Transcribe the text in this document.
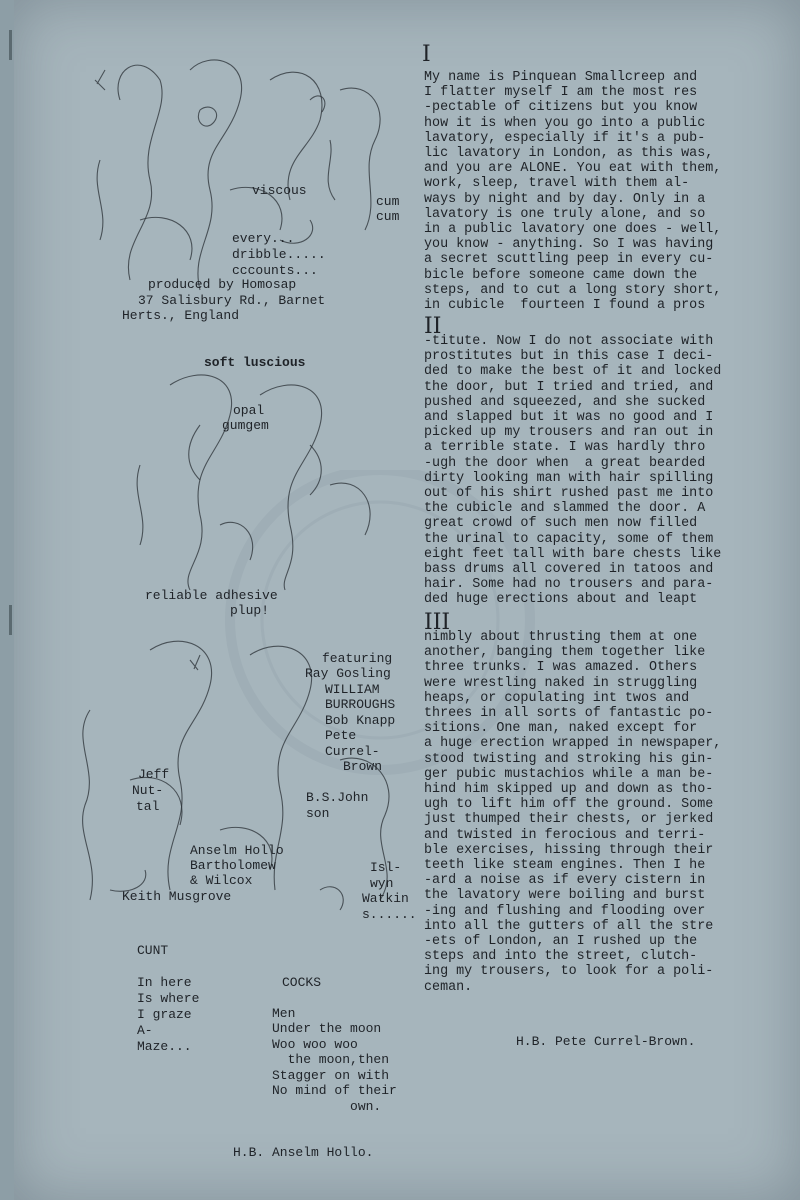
viscous
cum
cum
every...
dribble.....
cccounts...
produced by Homosap
37 Salisbury Rd., Barnet
Herts., England
soft luscious
opal
gumgem
reliable adhesive
plup!
featuring
Ray Gosling
WILLIAM
BURROUGHS
Bob Knapp
Pete
Currel-
Brown
Jeff
Nut-
tal
B.S.John
son
Anselm Hollo
Bartholomew
& Wilcox
Keith Musgrove
Isl-
wyn
Watkin
s......
CUNT
In here
Is where
I graze
A-
Maze...
COCKS
Men
Under the moon
Woo woo woo
the moon,then
Stagger on with
No mind of their
own.
H.B. Anselm Hollo.
I
My name is Pinquean Smallcreep and
I flatter myself I am the most res
-pectable of citizens but you know
how it is when you go into a public
lavatory, especially if it's a pub-
lic lavatory in London, as this was,
and you are ALONE. You eat with them,
work, sleep, travel with them al-
ways by night and by day. Only in a
lavatory is one truly alone, and so
in a public lavatory one does - well,
you know - anything. So I was having
a secret scuttling peep in every cu-
bicle before someone came down the
steps, and to cut a long story short,
in cubicle  fourteen I found a pros
II
-titute. Now I do not associate with
prostitutes but in this case I deci-
ded to make the best of it and locked
the door, but I tried and tried, and
pushed and squeezed, and she sucked
and slapped but it was no good and I
picked up my trousers and ran out in
a terrible state. I was hardly thro
-ugh the door when  a great bearded
dirty looking man with hair spilling
out of his shirt rushed past me into
the cubicle and slammed the door. A
great crowd of such men now filled
the urinal to capacity, some of them
eight feet tall with bare chests like
bass drums all covered in tatoos and
hair. Some had no trousers and para-
ded huge erections about and leapt
III
nimbly about thrusting them at one
another, banging them together like
three trunks. I was amazed. Others
were wrestling naked in struggling
heaps, or copulating int twos and
threes in all sorts of fantastic po-
sitions. One man, naked except for
a huge erection wrapped in newspaper,
stood twisting and stroking his gin-
ger pubic mustachios while a man be-
hind him skipped up and down as tho-
ugh to lift him off the ground. Some
just thumped their chests, or jerked
and twisted in ferocious and terri-
ble exercises, hissing through their
teeth like steam engines. Then I he
-ard a noise as if every cistern in
the lavatory were boiling and burst
-ing and flushing and flooding over
into all the gutters of all the stre
-ets of London, an I rushed up the
steps and into the street, clutch-
ing my trousers, to look for a poli-
ceman.
H.B. Pete Currel-Brown.
